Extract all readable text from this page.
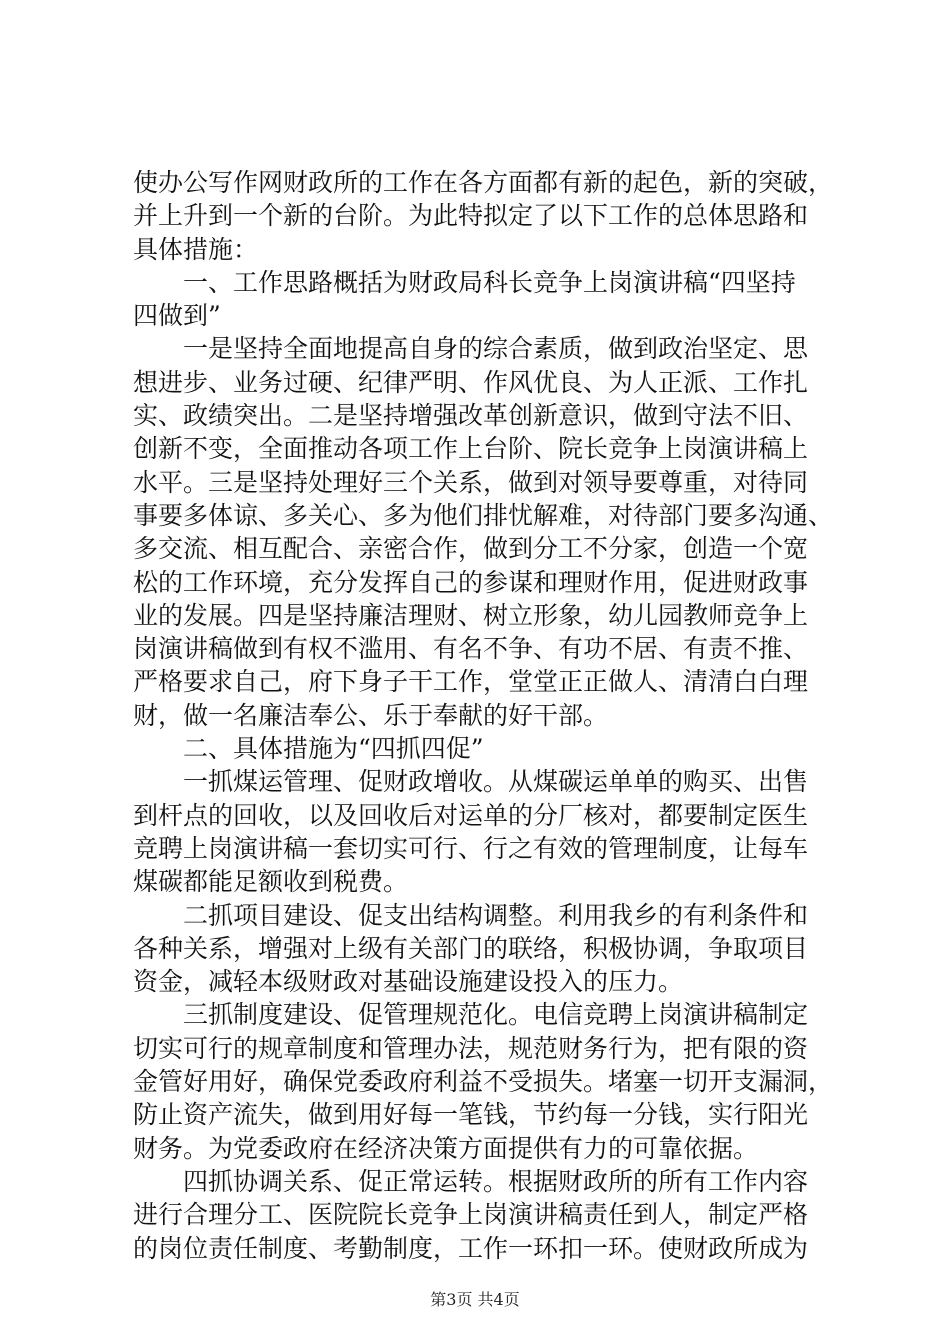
使办公写作网财政所的工作在各方面都有新的起色，新的突破，
并上升到一个新的台阶。为此特拟定了以下工作的总体思路和
具体措施：
一、工作思路概括为财政局科长竞争上岗演讲稿“四坚持
四做到”
一是坚持全面地提高自身的综合素质，做到政治坚定、思
想进步、业务过硬、纪律严明、作风优良、为人正派、工作扎
实、政绩突出。二是坚持增强改革创新意识，做到守法不旧、
创新不变，全面推动各项工作上台阶、院长竞争上岗演讲稿上
水平。三是坚持处理好三个关系，做到对领导要尊重，对待同
事要多体谅、多关心、多为他们排忧解难，对待部门要多沟通、
多交流、相互配合、亲密合作，做到分工不分家，创造一个宽
松的工作环境，充分发挥自己的参谋和理财作用，促进财政事
业的发展。四是坚持廉洁理财、树立形象，幼儿园教师竞争上
岗演讲稿做到有权不滥用、有名不争、有功不居、有责不推、
严格要求自己，府下身子干工作，堂堂正正做人、清清白白理
财，做一名廉洁奉公、乐于奉献的好干部。
二、具体措施为“四抓四促”
一抓煤运管理、促财政增收。从煤碳运单单的购买、出售
到杆点的回收，以及回收后对运单的分厂核对，都要制定医生
竞聘上岗演讲稿一套切实可行、行之有效的管理制度，让每车
煤碳都能足额收到税费。
二抓项目建设、促支出结构调整。利用我乡的有利条件和
各种关系，增强对上级有关部门的联络，积极协调，争取项目
资金，减轻本级财政对基础设施建设投入的压力。
三抓制度建设、促管理规范化。电信竞聘上岗演讲稿制定
切实可行的规章制度和管理办法，规范财务行为，把有限的资
金管好用好，确保党委政府利益不受损失。堵塞一切开支漏洞，
防止资产流失，做到用好每一笔钱，节约每一分钱，实行阳光
财务。为党委政府在经济决策方面提供有力的可靠依据。
四抓协调关系、促正常运转。根据财政所的所有工作内容
进行合理分工、医院院长竞争上岗演讲稿责任到人，制定严格
的岗位责任制度、考勤制度，工作一环扣一环。使财政所成为
第3页 共4页
